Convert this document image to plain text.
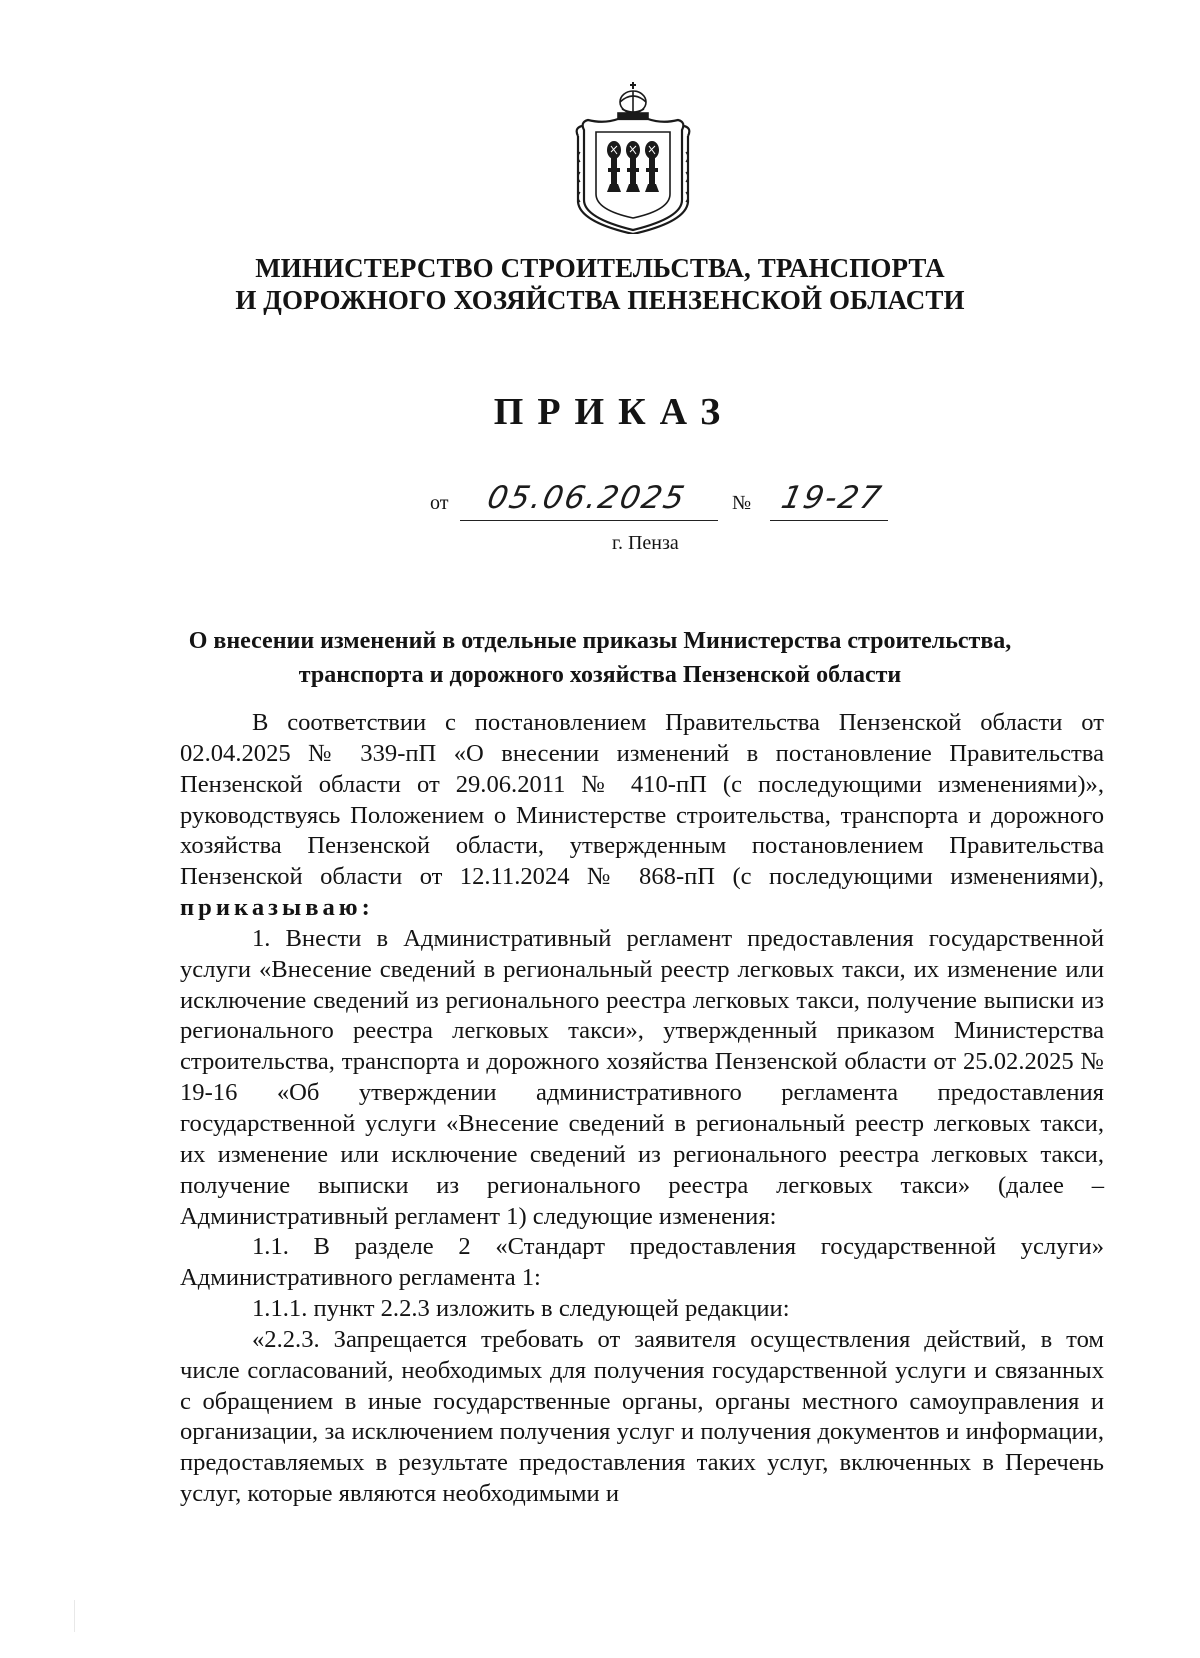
МИНИСТЕРСТВО СТРОИТЕЛЬСТВА, ТРАНСПОРТА
И ДОРОЖНОГО ХОЗЯЙСТВА ПЕНЗЕНСКОЙ ОБЛАСТИ
ПРИКАЗ
от 05.06.2025 № 19-27
г. Пенза
О внесении изменений в отдельные приказы Министерства строительства,
транспорта и дорожного хозяйства Пензенской области

В соответствии с постановлением Правительства Пензенской области от 02.04.2025 № 339-пП «О внесении изменений в постановление Правительства Пензенской области от 29.06.2011 № 410-пП (с последующими изменениями)», руководствуясь Положением о Министерстве строительства, транспорта и дорожного хозяйства Пензенской области, утвержденным постановлением Правительства Пензенской области от 12.11.2024 № 868-пП (с последующими изменениями), приказываю:

1. Внести в Административный регламент предоставления государственной услуги «Внесение сведений в региональный реестр легковых такси, их изменение или исключение сведений из регионального реестра легковых такси, получение выписки из регионального реестра легковых такси», утвержденный приказом Министерства строительства, транспорта и дорожного хозяйства Пензенской области от 25.02.2025 № 19-16 «Об утверждении административного регламента предоставления государственной услуги «Внесение сведений в региональный реестр легковых такси, их изменение или исключение сведений из регионального реестра легковых такси, получение выписки из регионального реестра легковых такси» (далее – Административный регламент 1) следующие изменения:

1.1. В разделе 2 «Стандарт предоставления государственной услуги» Административного регламента 1:

1.1.1. пункт 2.2.3 изложить в следующей редакции:

«2.2.3. Запрещается требовать от заявителя осуществления действий, в том числе согласований, необходимых для получения государственной услуги и связанных с обращением в иные государственные органы, органы местного самоуправления и организации, за исключением получения услуг и получения документов и информации, предоставляемых в результате предоставления таких услуг, включенных в Перечень услуг, которые являются необходимыми и
